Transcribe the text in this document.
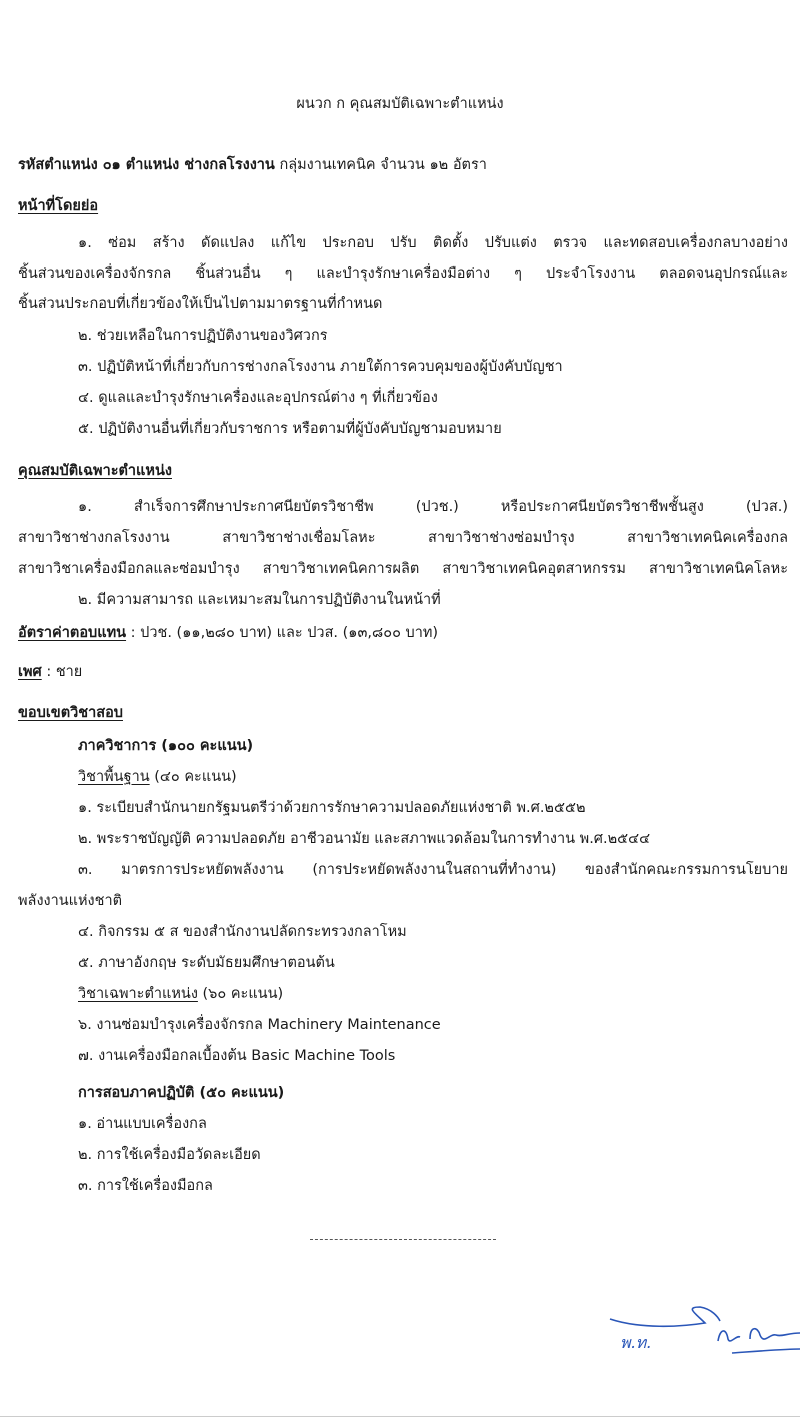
ผนวก ก คุณสมบัติเฉพาะตำแหน่ง
รหัสตำแหน่ง ๐๑ ตำแหน่ง ช่างกลโรงงาน กลุ่มงานเทคนิค จำนวน ๑๒ อัตรา
หน้าที่โดยย่อ
๑. ซ่อม สร้าง ดัดแปลง แก้ไข ประกอบ ปรับ ติดตั้ง ปรับแต่ง ตรวจ และทดสอบเครื่องกลบางอย่าง
ชิ้นส่วนของเครื่องจักรกล ชิ้นส่วนอื่น ๆ และบำรุงรักษาเครื่องมือต่าง ๆ ประจำโรงงาน ตลอดจนอุปกรณ์และ
ชิ้นส่วนประกอบที่เกี่ยวข้องให้เป็นไปตามมาตรฐานที่กำหนด
๒. ช่วยเหลือในการปฏิบัติงานของวิศวกร
๓. ปฏิบัติหน้าที่เกี่ยวกับการช่างกลโรงงาน ภายใต้การควบคุมของผู้บังคับบัญชา
๔. ดูแลและบำรุงรักษาเครื่องและอุปกรณ์ต่าง ๆ ที่เกี่ยวข้อง
๕. ปฏิบัติงานอื่นที่เกี่ยวกับราชการ หรือตามที่ผู้บังคับบัญชามอบหมาย
คุณสมบัติเฉพาะตำแหน่ง
๑. สำเร็จการศึกษาประกาศนียบัตรวิชาชีพ (ปวช.) หรือประกาศนียบัตรวิชาชีพชั้นสูง (ปวส.)
สาขาวิชาช่างกลโรงงาน สาขาวิชาช่างเชื่อมโลหะ สาขาวิชาช่างซ่อมบำรุง สาขาวิชาเทคนิคเครื่องกล
สาขาวิชาเครื่องมือกลและซ่อมบำรุง สาขาวิชาเทคนิคการผลิต สาขาวิชาเทคนิคอุตสาหกรรม สาขาวิชาเทคนิคโลหะ
๒. มีความสามารถ และเหมาะสมในการปฏิบัติงานในหน้าที่
อัตราค่าตอบแทน : ปวช. (๑๑,๒๘๐ บาท) และ ปวส. (๑๓,๘๐๐ บาท)
เพศ : ชาย
ขอบเขตวิชาสอบ
ภาควิชาการ (๑๐๐ คะแนน)
วิชาพื้นฐาน (๔๐ คะแนน)
๑. ระเบียบสำนักนายกรัฐมนตรีว่าด้วยการรักษาความปลอดภัยแห่งชาติ พ.ศ.๒๕๕๒
๒. พระราชบัญญัติ ความปลอดภัย อาชีวอนามัย และสภาพแวดล้อมในการทำงาน พ.ศ.๒๕๔๔
๓. มาตรการประหยัดพลังงาน (การประหยัดพลังงานในสถานที่ทำงาน) ของสำนักคณะกรรมการนโยบาย
พลังงานแห่งชาติ
๔. กิจกรรม ๕ ส ของสำนักงานปลัดกระทรวงกลาโหม
๕. ภาษาอังกฤษ ระดับมัธยมศึกษาตอนต้น
วิชาเฉพาะตำแหน่ง (๖๐ คะแนน)
๖. งานซ่อมบำรุงเครื่องจักรกล Machinery Maintenance
๗. งานเครื่องมือกลเบื้องต้น Basic Machine Tools
การสอบภาคปฏิบัติ (๕๐ คะแนน)
๑. อ่านแบบเครื่องกล
๒. การใช้เครื่องมือวัดละเอียด
๓. การใช้เครื่องมือกล
พ.ท.
